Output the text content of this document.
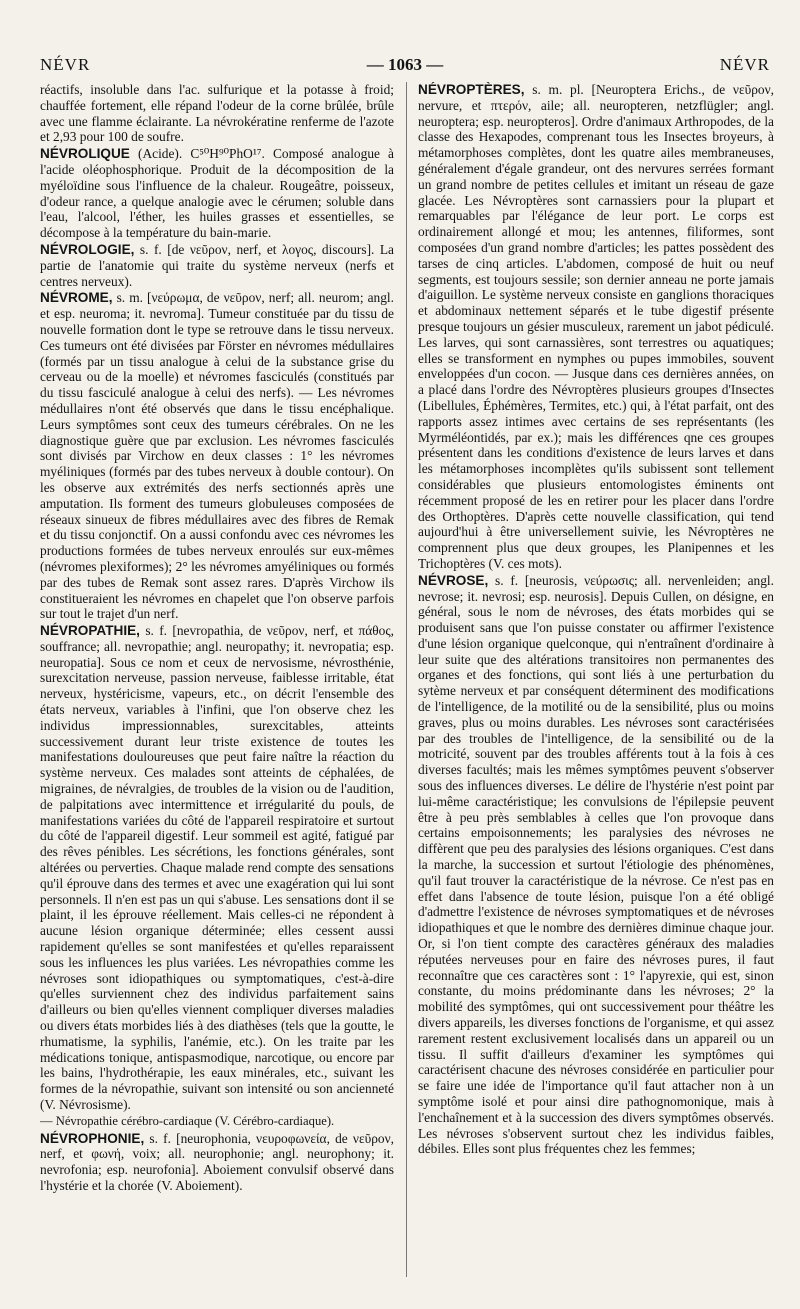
NÉVR	— 1063 —	NÉVR

réactifs, insoluble dans l'ac. sulfurique et la potasse à froid; chauffée fortement, elle répand l'odeur de la corne brûlée, brûle avec une flamme éclairante. La névrokératine renferme de l'azote et 2,93 pour 100 de soufre.

NÉVROLIQUE (Acide). C⁵⁰H⁹⁰PhO¹⁷. Composé analogue à l'acide oléophosphorique. Produit de la décomposition de la myéloïdine sous l'influence de la chaleur. Rougeâtre, poisseux, d'odeur rance, a quelque analogie avec le cérumen; soluble dans l'eau, l'alcool, l'éther, les huiles grasses et essentielles, se décompose à la température du bain-marie.

NÉVROLOGIE, s. f. [de νεῦρον, nerf, et λογος, discours]. La partie de l'anatomie qui traite du système nerveux (nerfs et centres nerveux).

NÉVROME, s. m. [νεύρωμα, de νεῦρον, nerf; all. neurom; angl. et esp. neuroma; it. nevroma]. Tumeur constituée par du tissu de nouvelle formation dont le type se retrouve dans le tissu nerveux. Ces tumeurs ont été divisées par Förster en névromes médullaires (formés par un tissu analogue à celui de la substance grise du cerveau ou de la moelle) et névromes fasciculés (constitués par du tissu fasciculé analogue à celui des nerfs). — Les névromes médullaires n'ont été observés que dans le tissu encéphalique. Leurs symptômes sont ceux des tumeurs cérébrales. On ne les diagnostique guère que par exclusion. Les névromes fasciculés sont divisés par Virchow en deux classes : 1° les névromes myéliniques (formés par des tubes nerveux à double contour). On les observe aux extrémités des nerfs sectionnés après une amputation. Ils forment des tumeurs globuleuses composées de réseaux sinueux de fibres médullaires avec des fibres de Remak et du tissu conjonctif. On a aussi confondu avec ces névromes les productions formées de tubes nerveux enroulés sur eux-mêmes (névromes plexiformes); 2° les névromes amyéliniques ou formés par des tubes de Remak sont assez rares. D'après Virchow ils constitueraient les névromes en chapelet que l'on observe parfois sur tout le trajet d'un nerf.

NÉVROPATHIE, s. f. [nevropathia, de νεῦρον, nerf, et πάθος, souffrance; all. nevropathie; angl. neuropathy; it. nevropatia; esp. neuropatia]. Sous ce nom et ceux de nervosisme, névrosthénie, surexcitation nerveuse, passion nerveuse, faiblesse irritable, état nerveux, hystéricisme, vapeurs, etc., on décrit l'ensemble des états nerveux, variables à l'infini, que l'on observe chez les individus impressionnables, surexcitables, atteints successivement durant leur triste existence de toutes les manifestations douloureuses que peut faire naître la réaction du système nerveux. Ces malades sont atteints de céphalées, de migraines, de névralgies, de troubles de la vision ou de l'audition, de palpitations avec intermittence et irrégularité du pouls, de manifestations variées du côté de l'appareil respiratoire et surtout du côté de l'appareil digestif. Leur sommeil est agité, fatigué par des rêves pénibles. Les sécrétions, les fonctions générales, sont altérées ou perverties. Chaque malade rend compte des sensations qu'il éprouve dans des termes et avec une exagération qui lui sont personnels. Il n'en est pas un qui s'abuse. Les sensations dont il se plaint, il les éprouve réellement. Mais celles-ci ne répondent à aucune lésion organique déterminée; elles cessent aussi rapidement qu'elles se sont manifestées et qu'elles reparaissent sous les influences les plus variées. Les névropathies comme les névroses sont idiopathiques ou symptomatiques, c'est-à-dire qu'elles surviennent chez des individus parfaitement sains d'ailleurs ou bien qu'elles viennent compliquer diverses maladies ou divers états morbides liés à des diathèses (tels que la goutte, le rhumatisme, la syphilis, l'anémie, etc.). On les traite par les médications tonique, antispasmodique, narcotique, ou encore par les bains, l'hydrothérapie, les eaux minérales, etc., suivant les formes de la névropathie, suivant son intensité ou son ancienneté (V. Névrosisme).

— Névropathie cérébro-cardiaque (V. Cérébro-cardiaque).

NÉVROPHONIE, s. f. [neurophonia, νευροφωνεία, de νεῦρον, nerf, et φωνή, voix; all. neurophonie; angl. neurophony; it. nevrofonia; esp. neurofonia]. Aboiement convulsif observé dans l'hystérie et la chorée (V. Aboiement).

NÉVROPTÈRES, s. m. pl. [Neuroptera Erichs., de νεῦρον, nervure, et πτερόν, aile; all. neuropteren, netzflügler; angl. neuroptera; esp. neuropteros]. Ordre d'animaux Arthropodes, de la classe des Hexapodes, comprenant tous les Insectes broyeurs, à métamorphoses complètes, dont les quatre ailes membraneuses, généralement d'égale grandeur, ont des nervures serrées formant un grand nombre de petites cellules et imitant un réseau de gaze glacée. Les Névroptères sont carnassiers pour la plupart et remarquables par l'élégance de leur port. Le corps est ordinairement allongé et mou; les antennes, filiformes, sont composées d'un grand nombre d'articles; les pattes possèdent des tarses de cinq articles. L'abdomen, composé de huit ou neuf segments, est toujours sessile; son dernier anneau ne porte jamais d'aiguillon. Le système nerveux consiste en ganglions thoraciques et abdominaux nettement séparés et le tube digestif présente presque toujours un gésier musculeux, rarement un jabot pédiculé. Les larves, qui sont carnassières, sont terrestres ou aquatiques; elles se transforment en nymphes ou pupes immobiles, souvent enveloppées d'un cocon. — Jusque dans ces dernières années, on a placé dans l'ordre des Névroptères plusieurs groupes d'Insectes (Libellules, Éphémères, Termites, etc.) qui, à l'état parfait, ont des rapports assez intimes avec certains de ses représentants (les Myrméléontidés, par ex.); mais les différences qne ces groupes présentent dans les conditions d'existence de leurs larves et dans les métamorphoses incomplètes qu'ils subissent sont tellement considérables que plusieurs entomologistes éminents ont récemment proposé de les en retirer pour les placer dans l'ordre des Orthoptères. D'après cette nouvelle classification, qui tend aujourd'hui à être universellement suivie, les Névroptères ne comprennent plus que deux groupes, les Planipennes et les Trichoptères (V. ces mots).

NÉVROSE, s. f. [neurosis, νεύρωσις; all. nervenleiden; angl. nevrose; it. nevrosi; esp. neurosis]. Depuis Cullen, on désigne, en général, sous le nom de névroses, des états morbides qui se produisent sans que l'on puisse constater ou affirmer l'existence d'une lésion organique quelconque, qui n'entraînent d'ordinaire à leur suite que des altérations transitoires non permanentes des organes et des fonctions, qui sont liés à une perturbation du sytème nerveux et par conséquent déterminent des modifications de l'intelligence, de la motilité ou de la sensibilité, plus ou moins graves, plus ou moins durables. Les névroses sont caractérisées par des troubles de l'intelligence, de la sensibilité ou de la motricité, souvent par des troubles afférents tout à la fois à ces diverses facultés; mais les mêmes symptômes peuvent s'observer sous des influences diverses. Le délire de l'hystérie n'est point par lui-même caractéristique; les convulsions de l'épilepsie peuvent être à peu près semblables à celles que l'on provoque dans certains empoisonnements; les paralysies des névroses ne diffèrent que peu des paralysies des lésions organiques. C'est dans la marche, la succession et surtout l'étiologie des phénomènes, qu'il faut trouver la caractéristique de la névrose. Ce n'est pas en effet dans l'absence de toute lésion, puisque l'on a été obligé d'admettre l'existence de névroses symptomatiques et de névroses idiopathiques et que le nombre des dernières diminue chaque jour. Or, si l'on tient compte des caractères généraux des maladies réputées nerveuses pour en faire des névroses pures, il faut reconnaître que ces caractères sont : 1° l'apyrexie, qui est, sinon constante, du moins prédominante dans les névroses; 2° la mobilité des symptômes, qui ont successivement pour théâtre les divers appareils, les diverses fonctions de l'organisme, et qui assez rarement restent exclusivement localisés dans un appareil ou un tissu. Il suffit d'ailleurs d'examiner les symptômes qui caractérisent chacune des névroses considérée en particulier pour se faire une idée de l'importance qu'il faut attacher non à un symptôme isolé et pour ainsi dire pathognomonique, mais à l'enchaînement et à la succession des divers symptômes observés. Les névroses s'observent surtout chez les individus faibles, débiles. Elles sont plus fréquentes chez les femmes;
